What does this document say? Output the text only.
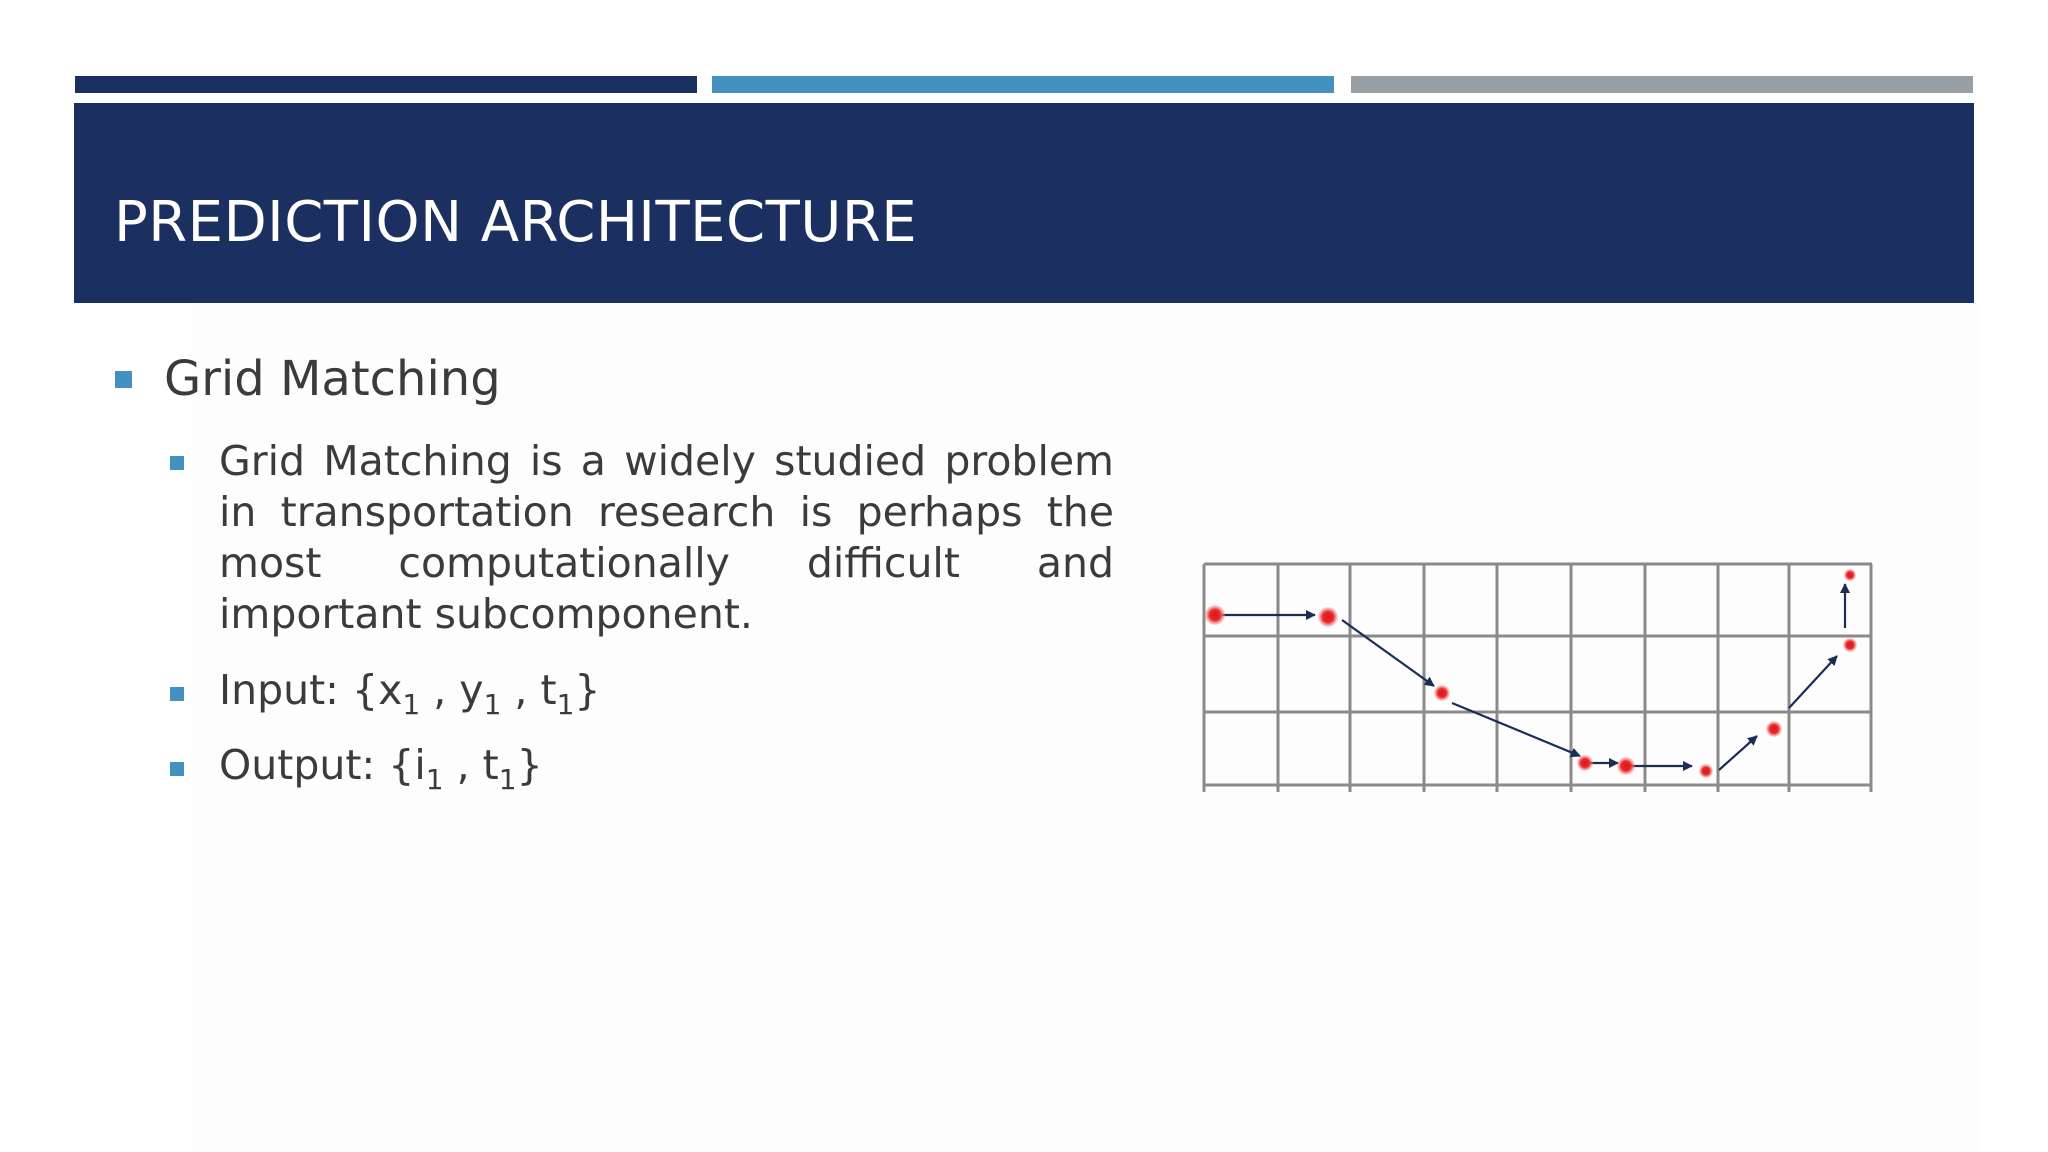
PREDICTION ARCHITECTURE
Grid Matching
Grid Matching is a widely studied problem in transportation research is perhaps the most computationally difficult and important subcomponent.
Input: {$x_1$ , $y_1$ , $t_1$}
Output: {$i_1$ , $t_1$}
